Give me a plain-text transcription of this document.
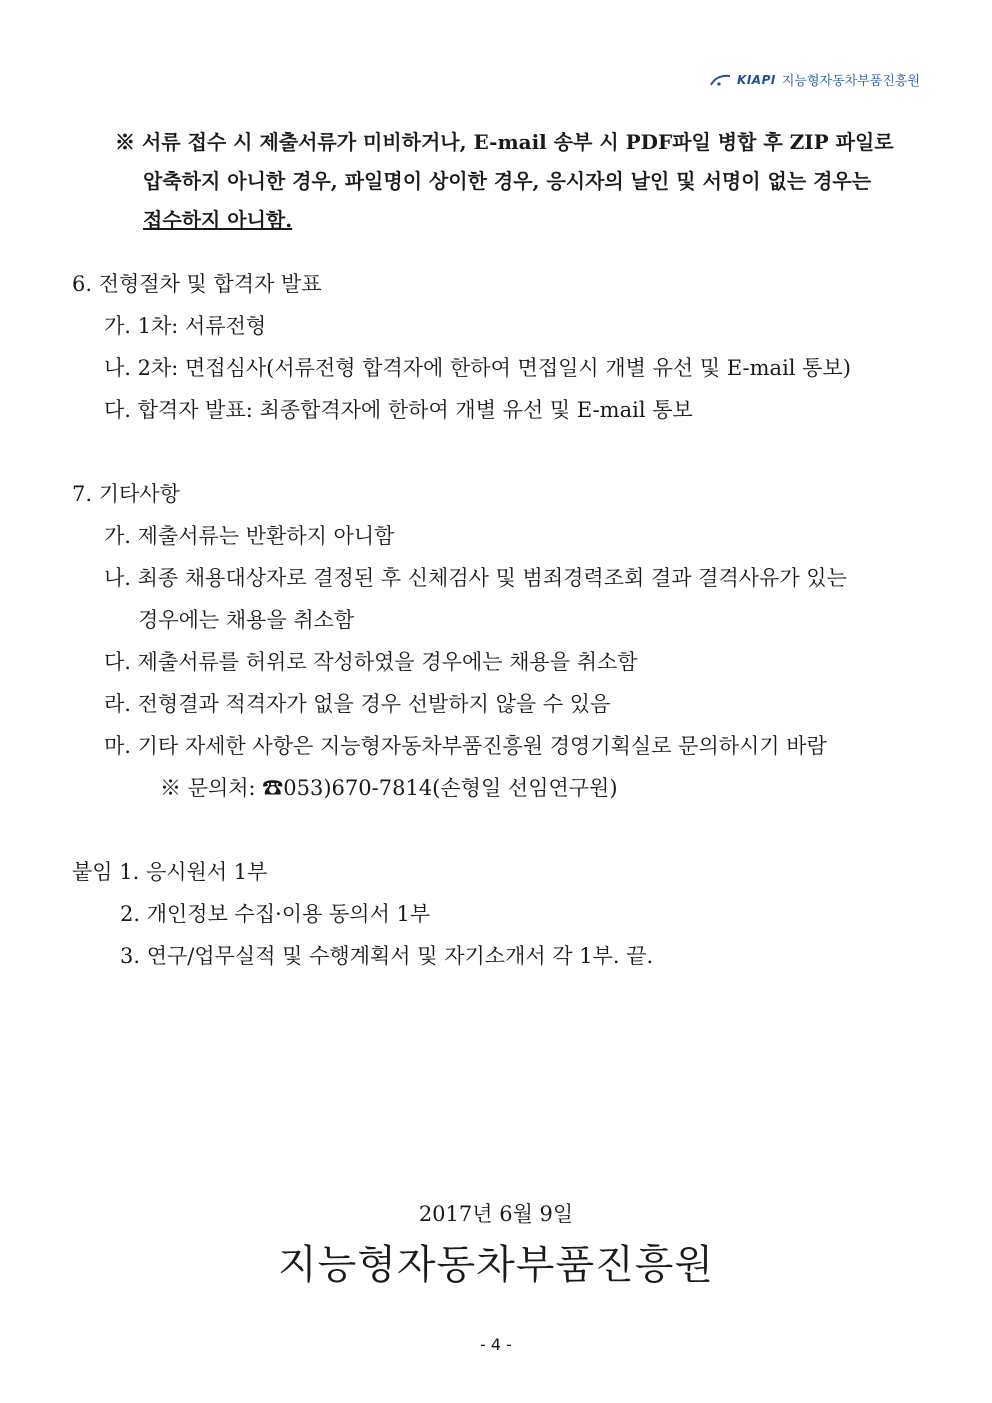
KIAPI 지능형자동차부품진흥원

※ 서류 접수 시 제출서류가 미비하거나, E-mail 송부 시 PDF파일 병합 후 ZIP 파일로

압축하지 아니한 경우, 파일명이 상이한 경우, 응시자의 날인 및 서명이 없는 경우는

접수하지 아니함.

6. 전형절차 및 합격자 발표
가. 1차: 서류전형
나. 2차: 면접심사(서류전형 합격자에 한하여 면접일시 개별 유선 및 E-mail 통보)
다. 합격자 발표: 최종합격자에 한하여 개별 유선 및 E-mail 통보
7. 기타사항
가. 제출서류는 반환하지 아니함
나. 최종 채용대상자로 결정된 후 신체검사 및 범죄경력조회 결과 결격사유가 있는
경우에는 채용을 취소함
다. 제출서류를 허위로 작성하였을 경우에는 채용을 취소함
라. 전형결과 적격자가 없을 경우 선발하지 않을 수 있음
마. 기타 자세한 사항은 지능형자동차부품진흥원 경영기획실로 문의하시기 바람
※ 문의처: ☎053)670-7814(손형일 선임연구원)
붙임 1. 응시원서 1부
2. 개인정보 수집·이용 동의서 1부
3. 연구/업무실적 및 수행계획서 및 자기소개서 각 1부. 끝.
2017년 6월 9일
지능형자동차부품진흥원
- 4 -
